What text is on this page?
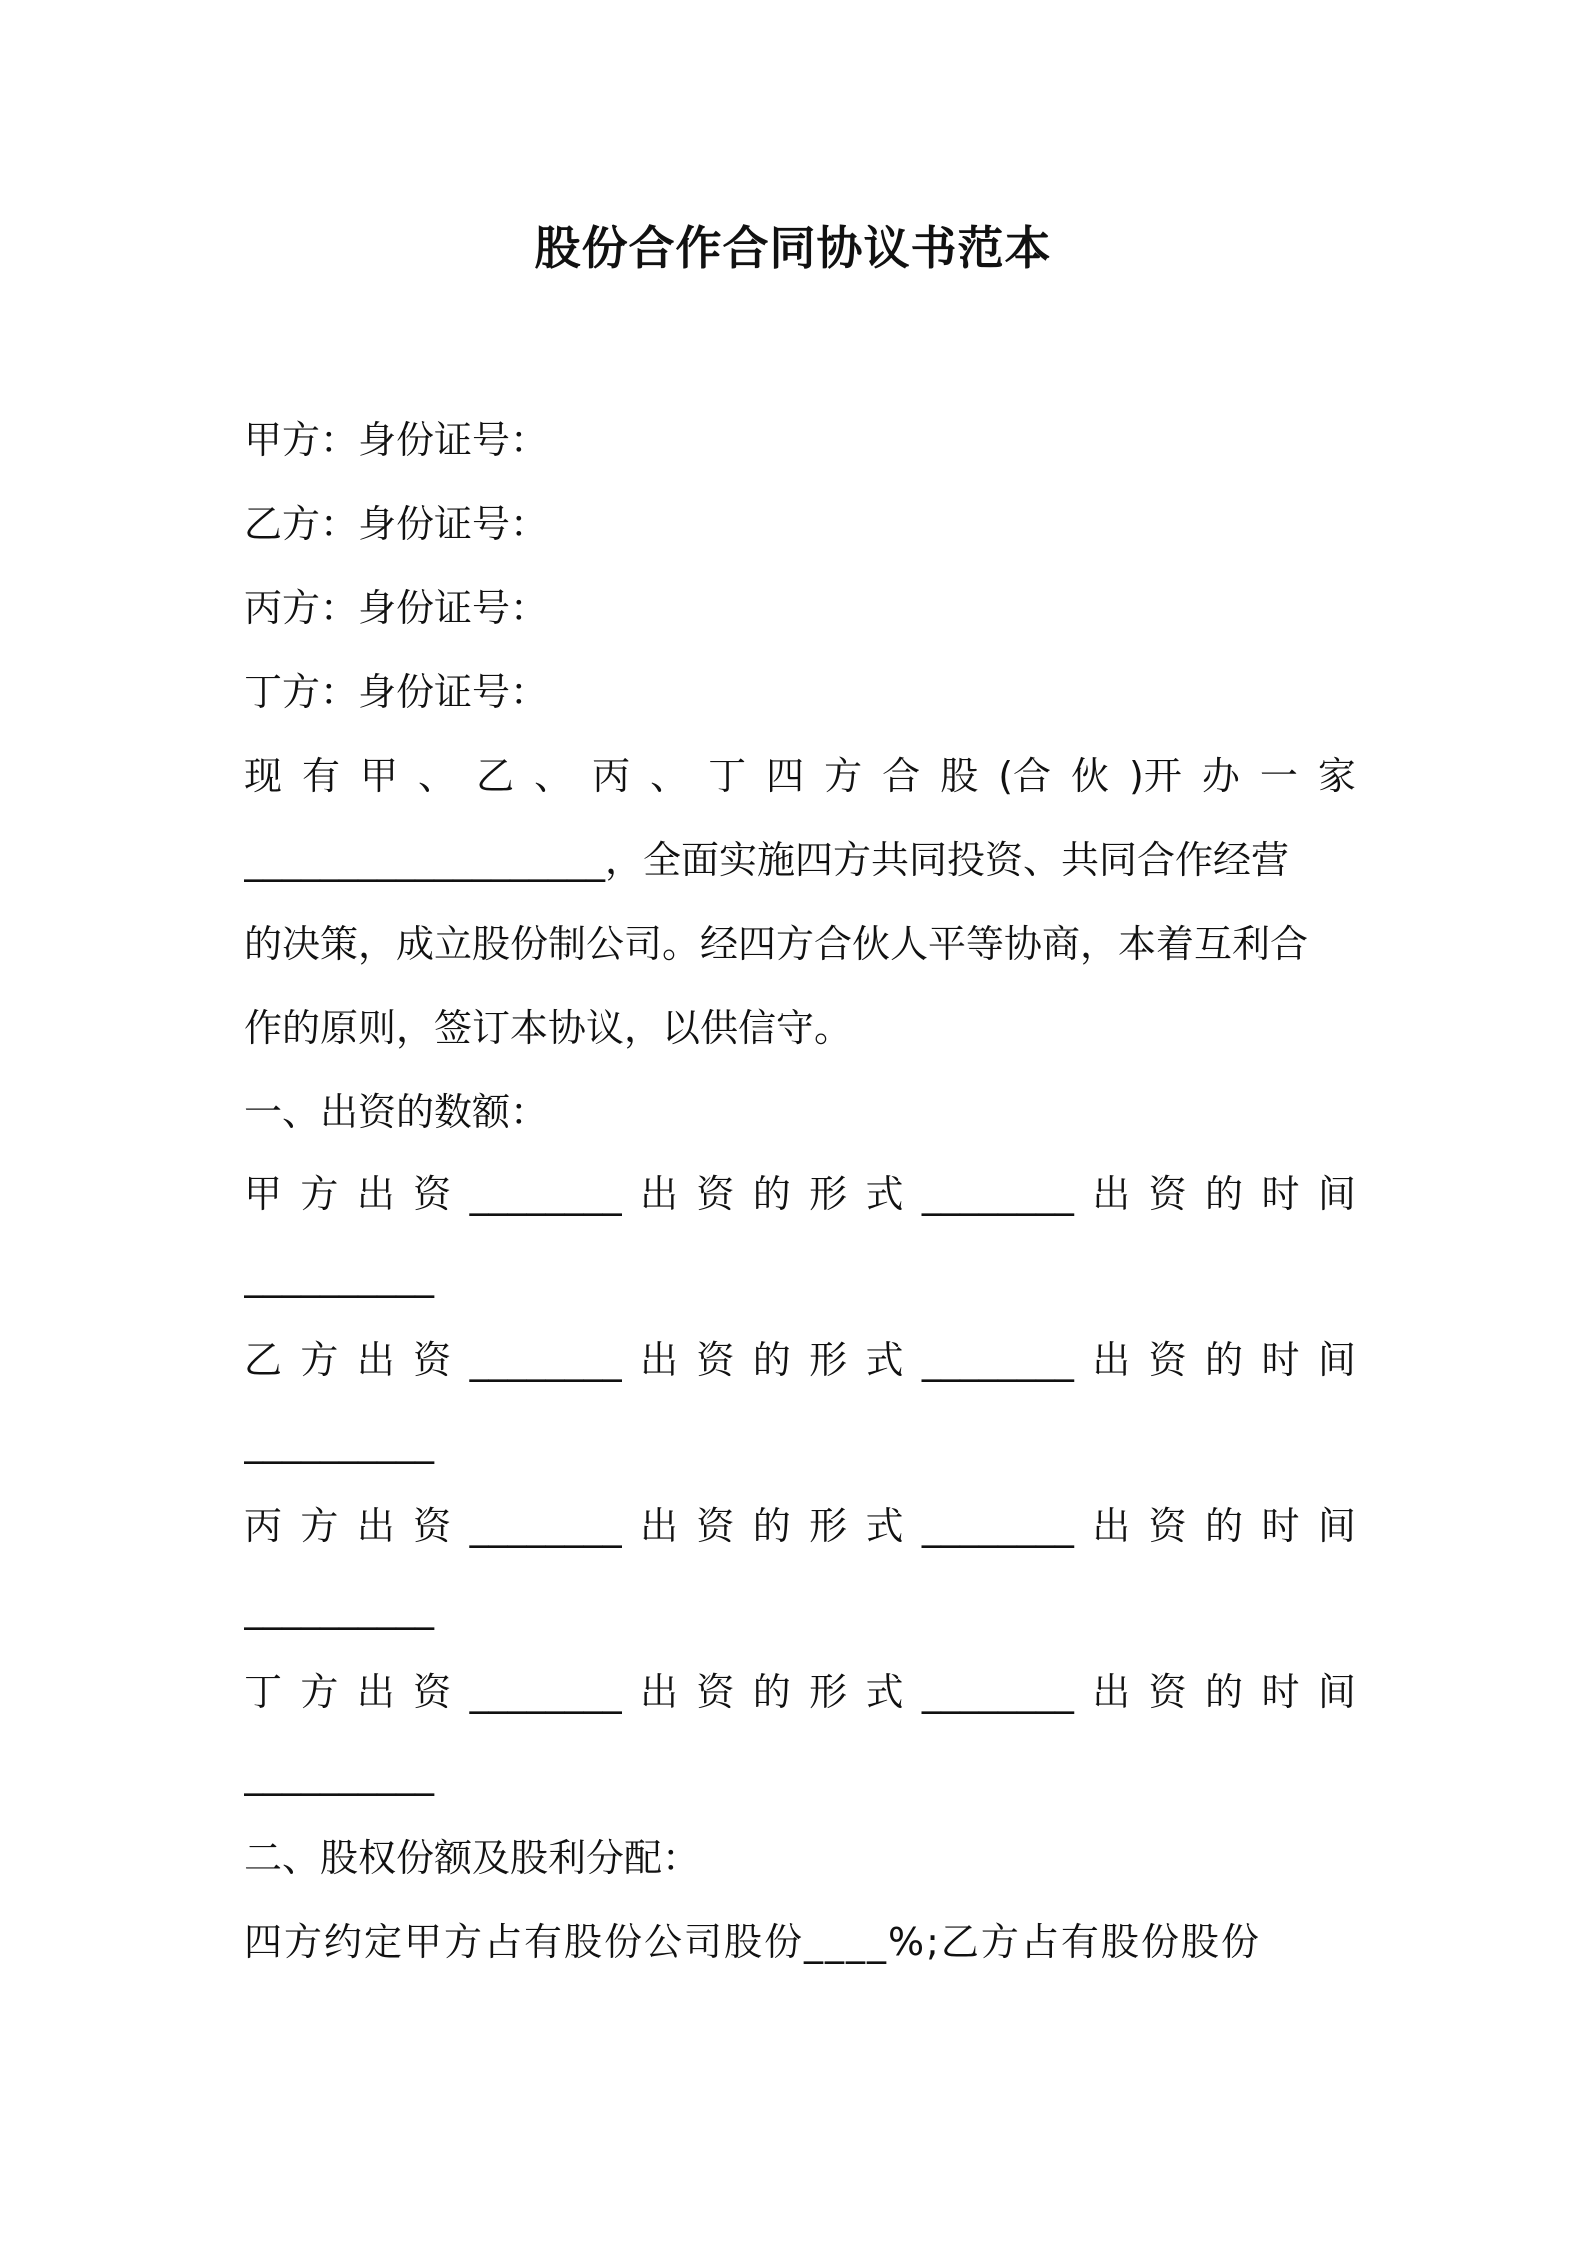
股份合作合同协议书范本
甲方：身份证号：
乙方：身份证号：
丙方：身份证号：
丁方：身份证号：
现 有 甲 、 乙 、 丙 、 丁 四 方 合 股 (合 伙 )开 办 一 家
___________________，全面实施四方共同投资、共同合作经营
的决策，成立股份制公司。经四方合伙人平等协商，本着互利合
作的原则，签订本协议，以供信守。
一、出资的数额：
甲 方 出 资 ________ 出 资 的 形 式 ________ 出 资 的 时 间
__________
乙 方 出 资 ________ 出 资 的 形 式 ________ 出 资 的 时 间
__________
丙 方 出 资 ________ 出 资 的 形 式 ________ 出 资 的 时 间
__________
丁 方 出 资 ________ 出 资 的 形 式 ________ 出 资 的 时 间
__________
二、股权份额及股利分配：
四方约定甲方占有股份公司股份____%;乙方占有股份股份
